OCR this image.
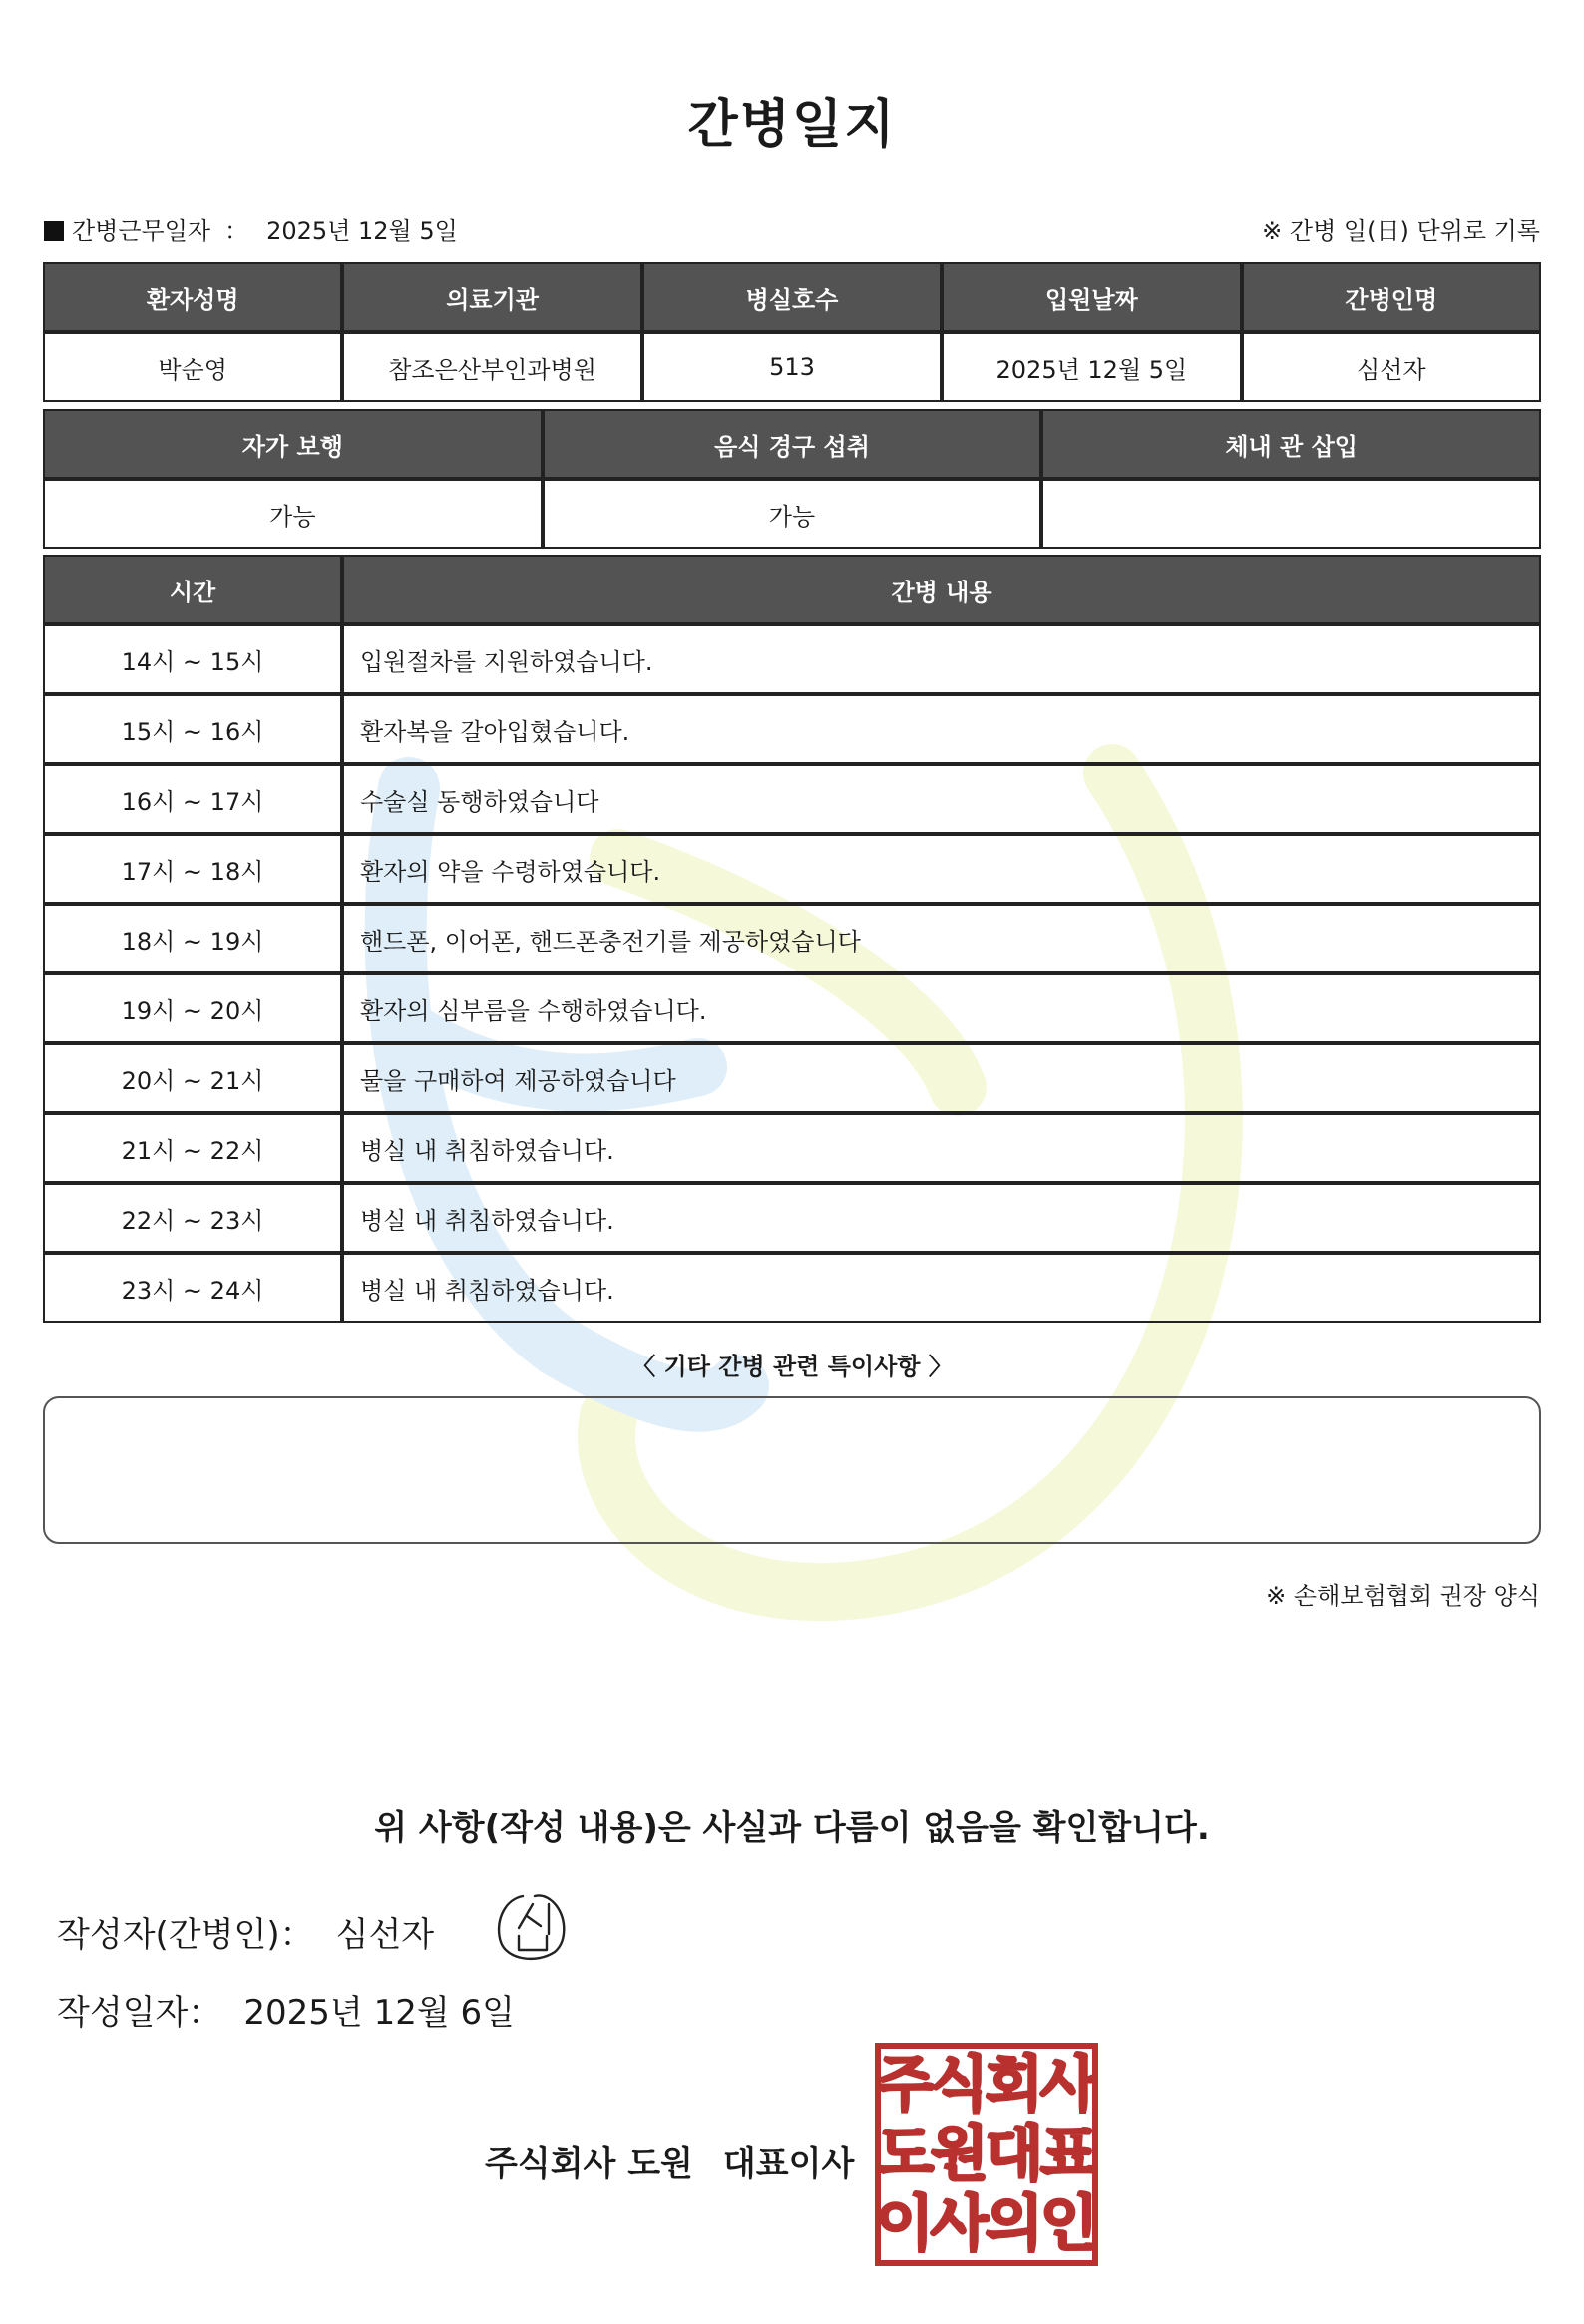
간병일지
간병근무일자 ： 2025년 12월 5일	※ 간병 일(日) 단위로 기록
환자성명	의료기관	병실호수	입원날짜	간병인명
박순영	참조은산부인과병원	513	2025년 12월 5일	심선자
자가 보행	음식 경구 섭취	체내 관 삽입
가능	가능	
시간	간병 내용
14시 ~ 15시	입원절차를 지원하였습니다.
15시 ~ 16시	환자복을 갈아입혔습니다.
16시 ~ 17시	수술실 동행하였습니다
17시 ~ 18시	환자의 약을 수령하였습니다.
18시 ~ 19시	핸드폰, 이어폰, 핸드폰충전기를 제공하였습니다
19시 ~ 20시	환자의 심부름을 수행하였습니다.
20시 ~ 21시	물을 구매하여 제공하였습니다
21시 ~ 22시	병실 내 취침하였습니다.
22시 ~ 23시	병실 내 취침하였습니다.
23시 ~ 24시	병실 내 취침하였습니다.
〈 기타 간병 관련 특이사항 〉
※ 손해보험협회 권장 양식
위 사항(작성 내용)은 사실과 다름이 없음을 확인합니다.
작성자(간병인)： 심선자
작성일자： 2025년 12월 6일
주식회사 도원 대표이사
주
식
회
사
도
원
대
표
이
사
의
인
